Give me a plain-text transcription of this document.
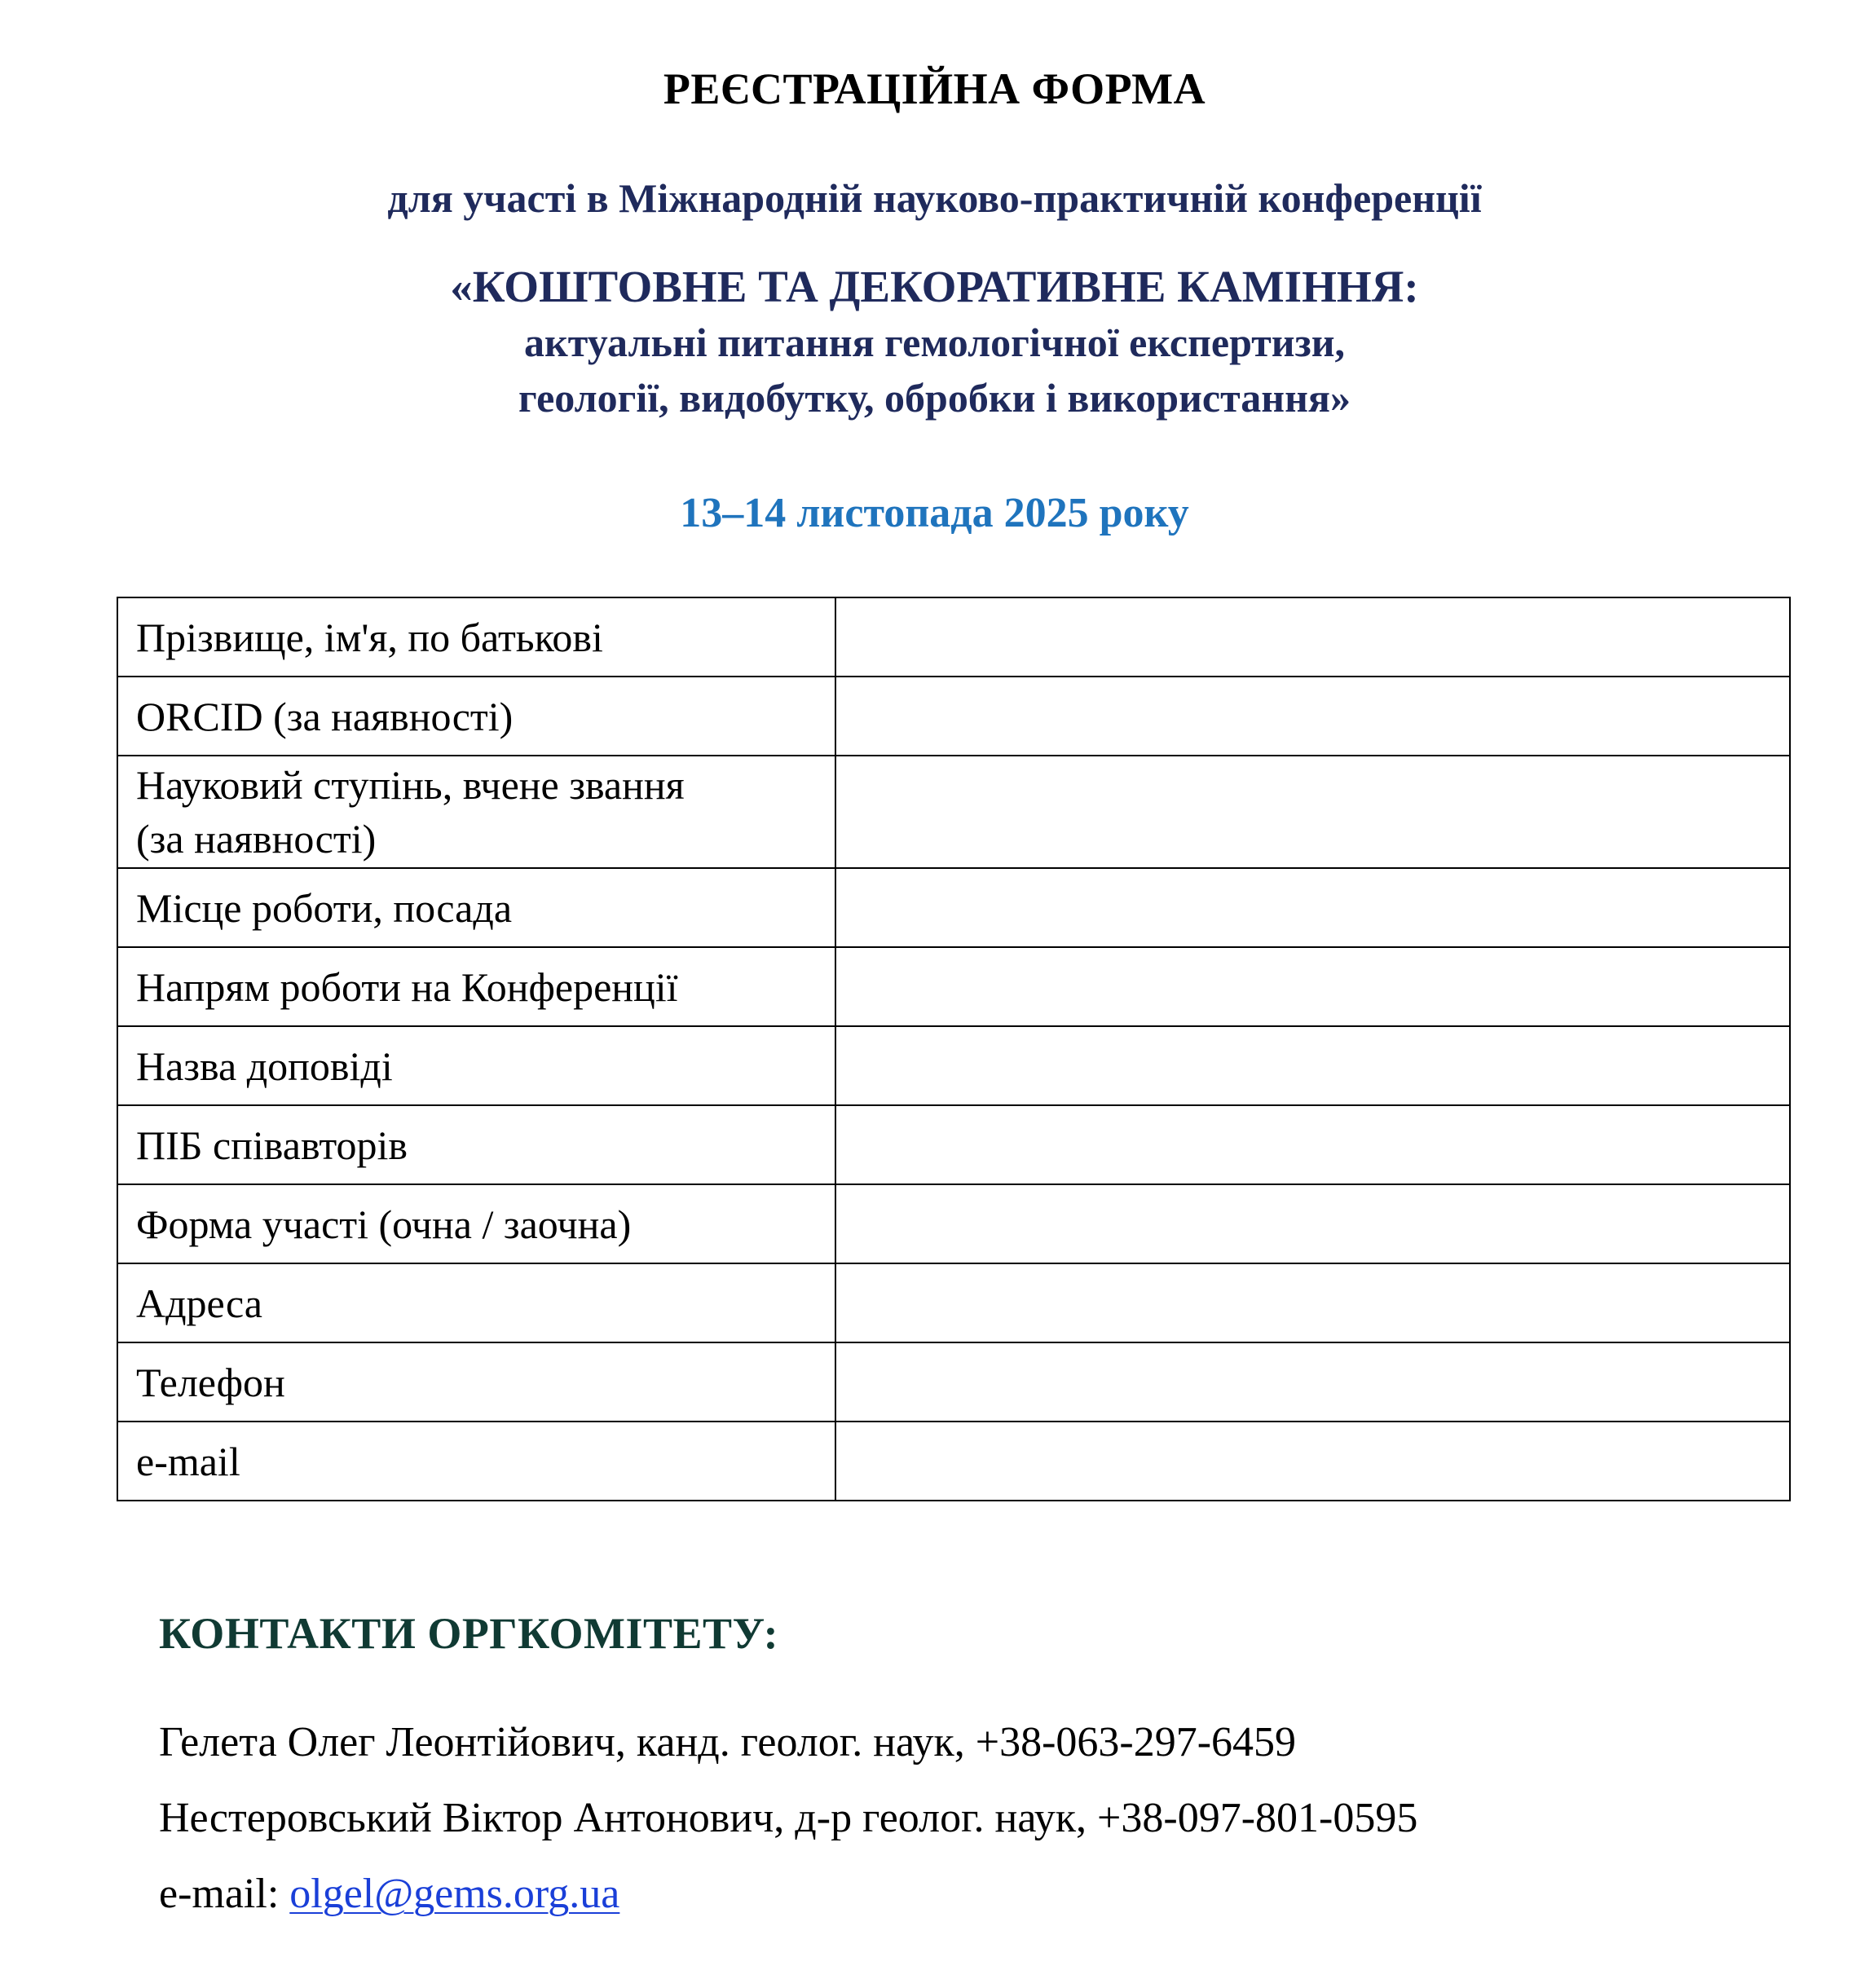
РЕЄСТРАЦІЙНА ФОРМА
для участі в Міжнародній науково-практичній конференції
«КОШТОВНЕ ТА ДЕКОРАТИВНЕ КАМІННЯ:
актуальні питання гемологічної експертизи,
геології, видобутку, обробки і використання»
13‒14 листопада 2025 року
Прізвище, ім'я, по батькові	
ORCID (за наявності)	
Науковий ступінь, вчене звання
(за наявності)	
Місце роботи, посада	
Напрям роботи на Конференції	
Назва доповіді	
ПІБ співавторів	
Форма участі (очна / заочна)	
Адреса	
Телефон	
e-mail	
КОНТАКТИ ОРГКОМІТЕТУ:
Гелета Олег Леонтійович, канд. геолог. наук, +38-063-297-6459
Нестеровський Віктор Антонович, д-р геолог. наук, +38-097-801-0595
e-mail: olgel@gems.org.ua
